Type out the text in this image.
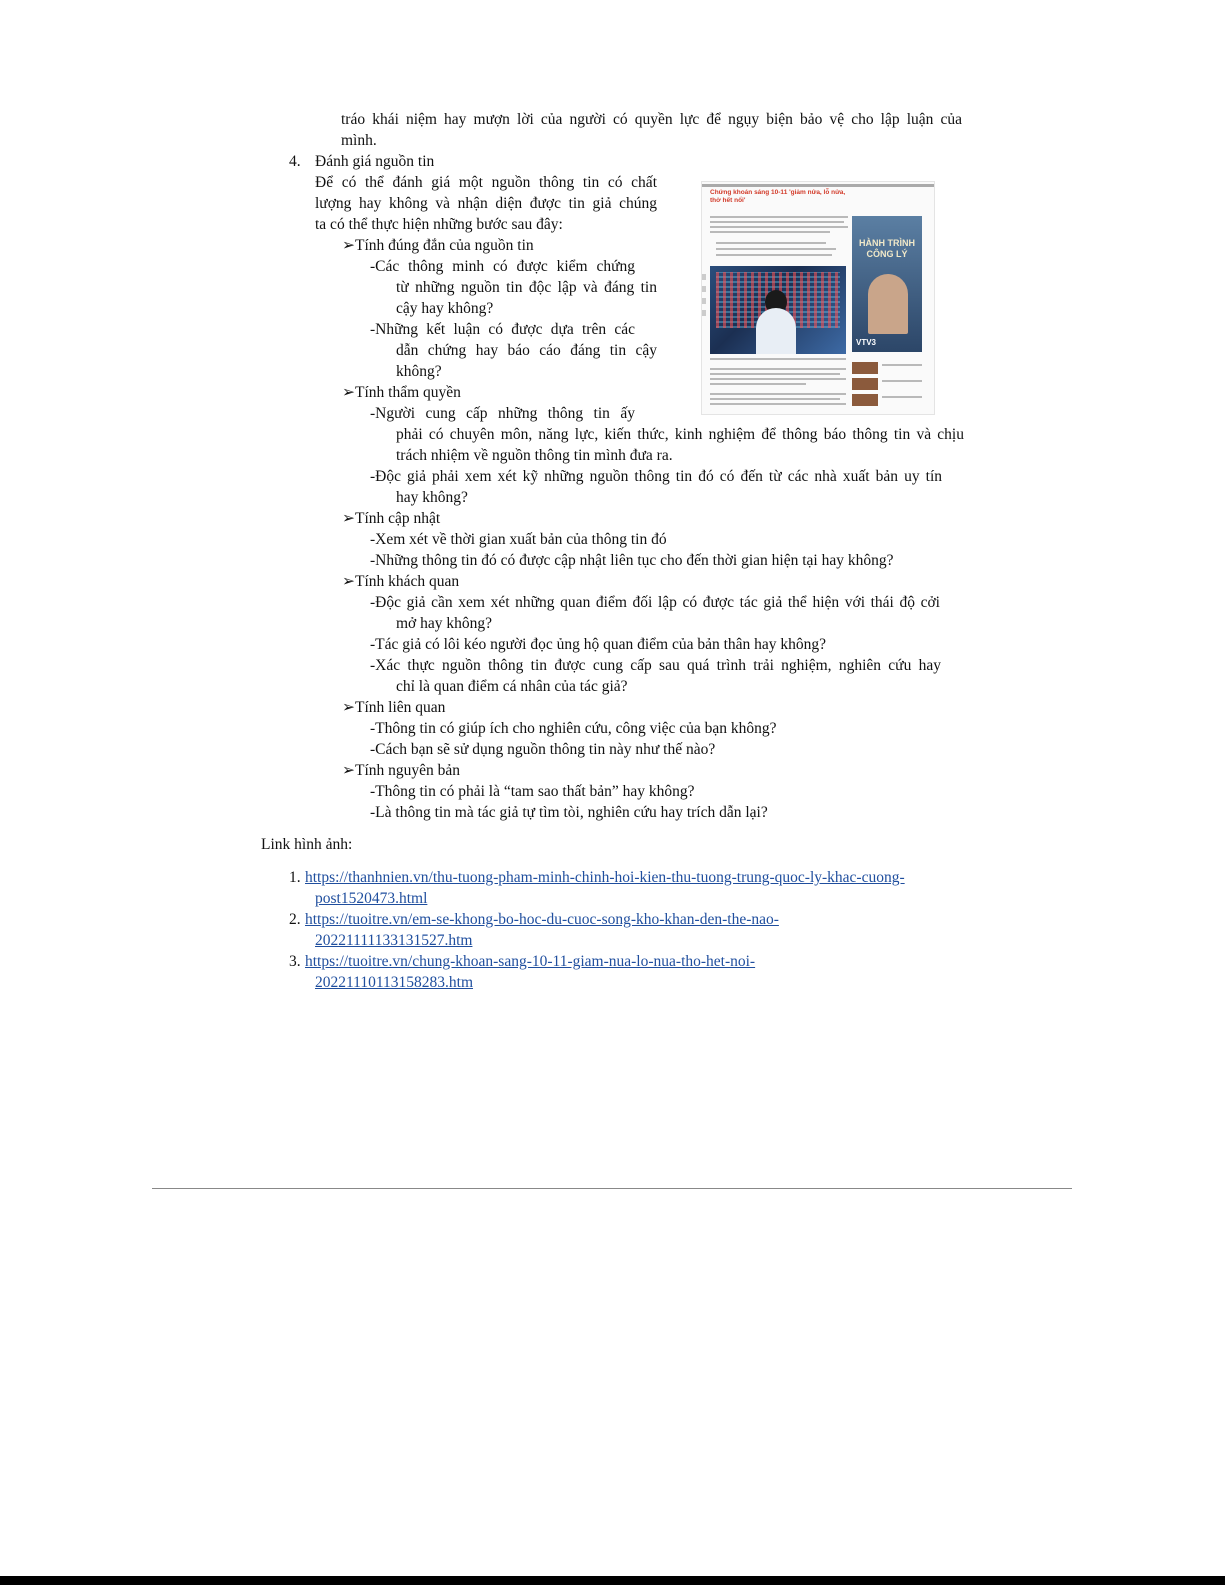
tráo khái niệm hay mượn lời của người có quyền lực để ngụy biện bảo vệ cho lập luận của
mình.
4. Đánh giá nguồn tin
Để có thể đánh giá một nguồn thông tin có chất
lượng hay không và nhận diện được tin giả chúng
ta có thể thực hiện những bước sau đây:
➢Tính đúng đắn của nguồn tin
-Các thông minh có được kiểm chứng
từ những nguồn tin độc lập và đáng tin
cậy hay không?
-Những kết luận có được dựa trên các
dẫn chứng hay báo cáo đáng tin cậy
không?
➢Tính thẩm quyền
-Người cung cấp những thông tin ấy
phải có chuyên môn, năng lực, kiến thức, kinh nghiệm để thông báo thông tin và chịu
trách nhiệm về nguồn thông tin mình đưa ra.
-Độc giả phải xem xét kỹ những nguồn thông tin đó có đến từ các nhà xuất bản uy tín
hay không?
➢Tính cập nhật
-Xem xét về thời gian xuất bản của thông tin đó
-Những thông tin đó có được cập nhật liên tục cho đến thời gian hiện tại hay không?
➢Tính khách quan
-Độc giả cần xem xét những quan điểm đối lập có được tác giả thể hiện với thái độ cởi
mở hay không?
-Tác giả có lôi kéo người đọc ủng hộ quan điểm của bản thân hay không?
-Xác thực nguồn thông tin được cung cấp sau quá trình trải nghiệm, nghiên cứu hay
chỉ là quan điểm cá nhân của tác giả?
➢Tính liên quan
-Thông tin có giúp ích cho nghiên cứu, công việc của bạn không?
-Cách bạn sẽ sử dụng nguồn thông tin này như thế nào?
➢Tính nguyên bản
-Thông tin có phải là “tam sao thất bản” hay không?
-Là thông tin mà tác giả tự tìm tòi, nghiên cứu hay trích dẫn lại?
Link hình ảnh:
1. https://thanhnien.vn/thu-tuong-pham-minh-chinh-hoi-kien-thu-tuong-trung-quoc-ly-khac-cuong-
post1520473.html
2. https://tuoitre.vn/em-se-khong-bo-hoc-du-cuoc-song-kho-khan-den-the-nao-
20221111133131527.htm
3. https://tuoitre.vn/chung-khoan-sang-10-11-giam-nua-lo-nua-tho-het-noi-
20221110113158283.htm
Chứng khoán sáng 10-11 'giảm nửa, lỗ nửa, thở hết nổi'
HÀNH TRÌNH CÔNG LÝ
VTV3
